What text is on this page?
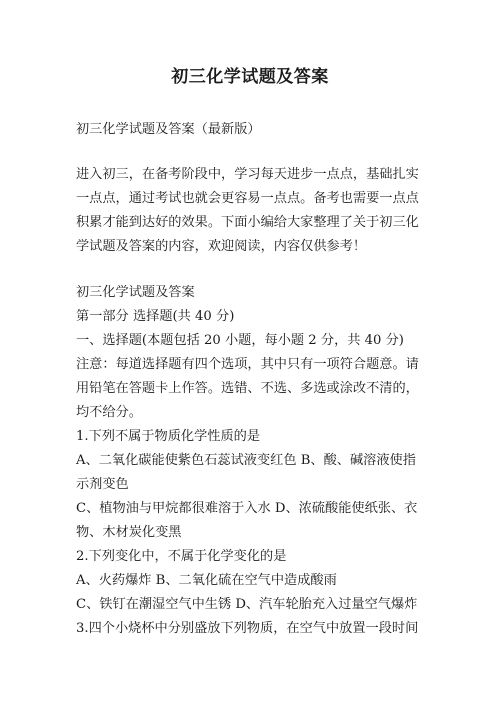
初三化学试题及答案
初三化学试题及答案（最新版）
进入初三，在备考阶段中，学习每天进步一点点，基础扎实
一点点，通过考试也就会更容易一点点。备考也需要一点点
积累才能到达好的效果。下面小编给大家整理了关于初三化
学试题及答案的内容，欢迎阅读，内容仅供参考！
初三化学试题及答案
第一部分 选择题(共 40 分)
一、选择题(本题包括 20 小题，每小题 2 分，共 40 分)
注意：每道选择题有四个选项，其中只有一项符合题意。请
用铅笔在答题卡上作答。选错、不选、多选或涂改不清的，
均不给分。
1.下列不属于物质化学性质的是
A、二氧化碳能使紫色石蕊试液变红色 B、酸、碱溶液使指
示剂变色
C、植物油与甲烷都很难溶于入水 D、浓硫酸能使纸张、衣
物、木材炭化变黑
2.下列变化中，不属于化学变化的是
A、火药爆炸 B、二氧化硫在空气中造成酸雨
C、铁钉在潮湿空气中生锈 D、汽车轮胎充入过量空气爆炸
3.四个小烧杯中分别盛放下列物质，在空气中放置一段时间
